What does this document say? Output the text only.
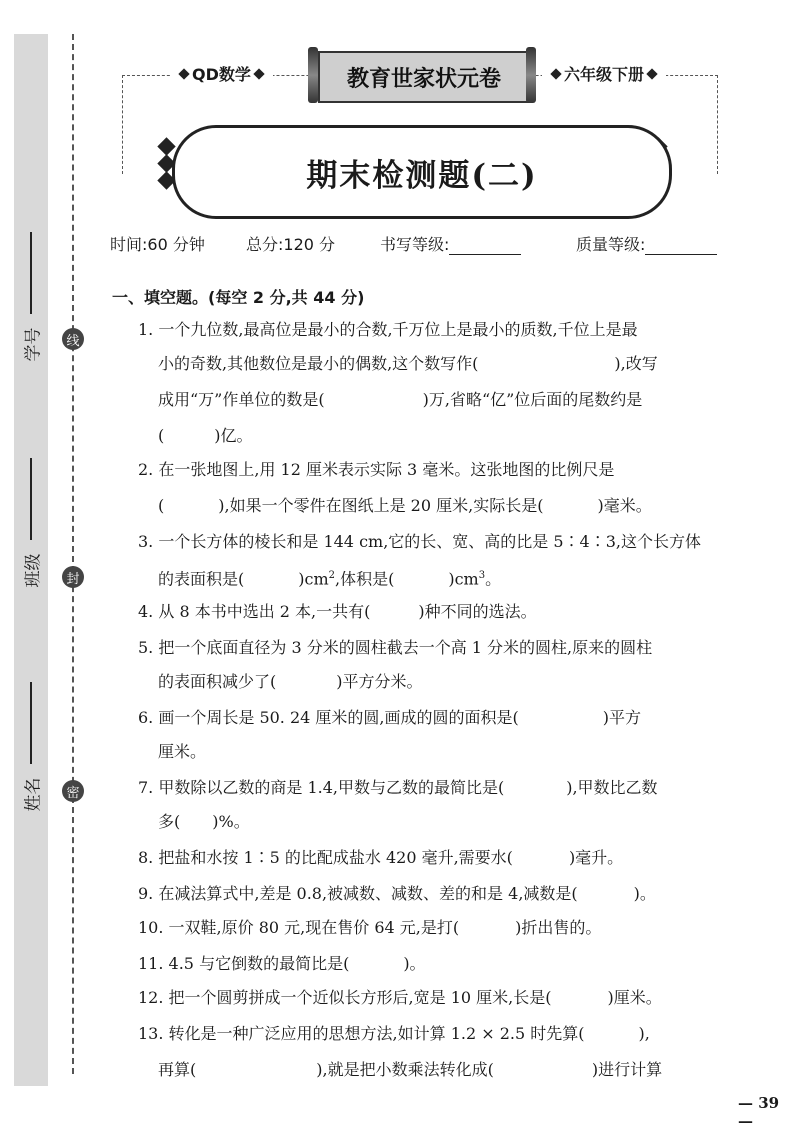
学号
班级
姓名
线
封
密
QD数学	六年级下册
教育世家状元卷
期末检测题(二)
时间:60 分钟	总分:120 分	书写等级:	质量等级:
一、填空题。(每空 2 分,共 44 分)
1. 一个九位数,最高位是最小的合数,千万位上是最小的质数,千位上是最
小的奇数,其他数位是最小的偶数,这个数写作(	),改写
成用“万”作单位的数是(	)万,省略“亿”位后面的尾数约是
(	)亿。
2. 在一张地图上,用 12 厘米表示实际 3 毫米。这张地图的比例尺是
(	),如果一个零件在图纸上是 20 厘米,实际长是(	)毫米。
3. 一个长方体的棱长和是 144 cm,它的长、宽、高的比是 5∶4∶3,这个长方体
的表面积是(	)$cm^2$,体积是(	)$cm^3$。
4. 从 8 本书中选出 2 本,一共有(	)种不同的选法。
5. 把一个底面直径为 3 分米的圆柱截去一个高 1 分米的圆柱,原来的圆柱
的表面积减少了(	)平方分米。
6. 画一个周长是 50. 24 厘米的圆,画成的圆的面积是(	)平方
厘米。
7. 甲数除以乙数的商是 1.4,甲数与乙数的最简比是(	),甲数比乙数
多( )%。
8. 把盐和水按 1∶5 的比配成盐水 420 毫升,需要水(	)毫升。
9. 在减法算式中,差是 0.8,被减数、减数、差的和是 4,减数是(	)。
10. 一双鞋,原价 80 元,现在售价 64 元,是打(	)折出售的。
11. 4.5 与它倒数的最简比是(	)。
12. 把一个圆剪拼成一个近似长方形后,宽是 10 厘米,长是(	)厘米。
13. 转化是一种广泛应用的思想方法,如计算 1.2 × 2.5 时先算(	),
再算(	),就是把小数乘法转化成(	)进行计算
— 39 —
